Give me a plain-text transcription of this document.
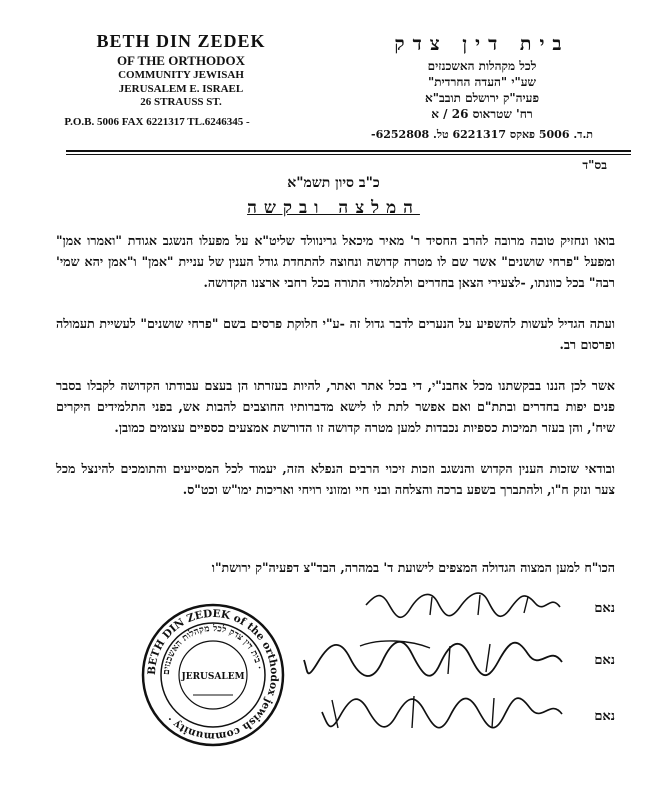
BETH DIN ZEDEK
OF THE ORTHODOX
COMMUNITY JEWISAH
JERUSALEM E. ISRAEL
26 STRAUSS ST.
P.O.B. 5006 FAX 6221317 TL.6246345 -
בית דין צדק
לכל מקהלות האשכנזים
שע"י "העדה החרדית"
פעיה"ק ירושלם תובב"א
רח' שטראוס 26 / א
ת.ד. 5006 פאקס 6221317 טל. 6252808-
בס"ד
כ"ב סיון תשמ"א
המלצה ובקשה

בואו ונחזיק טובה מרובה להרב החסיד ר' מאיר מיכאל גרינוולד שליט"א על מפעלו הנשגב אגודת "ואמרו אמן" ומפעל "פרחי שושנים" אשר שם לו מטרה קדושה ונחוצה להתחדת גודל הענין של עניית "אמן" ו"אמן יהא שמי' רבה" בכל כוונתו, -לצעירי הצאן בחדרים ולתלמודי התורה בכל רחבי ארצנו הקדושה.

ועתה הגדיל לעשות להשפיע על הנערים לדבר גדול זה -ע"י חלוקת פרסים בשם "פרחי שושנים" לעשיית תעמולה ופרסום רב.

אשר לכן הננו בבקשתנו מכל אחבנ"י, די בכל אתר ואתר, להיות בעזרתו הן בעצם עבודתו הקדושה לקבלו בסבר פנים יפות בחדרים ובתת"ם ואם אפשר לתת לו לישא מדברותיו החוצבים להבות אש, בפני התלמידים היקרים שיח', והן בעזר תמיכות כספיות נכבדות למען מטרה קדושה זו הדורשת אמצעים כספיים עצומים כמובן.

ובודאי שזכות הענין הקדוש והנשגב וזכות זיכוי הרבים הנפלא הזה, יעמוד לכל המסייעים והתומכים להינצל מכל צער ונזק ח"ו, ולהתברך בשפע ברכה והצלחה ובני חיי ומזוני רויחי ואריכות ימו"ש וכט"ס.

הכו"ח למען המצוה הגדולה המצפים לישועת ד' במהרה, הבד"צ דפעיה"ק ירושת"ו
נאם
נאם
נאם
BETH DIN ZEDEK of the orthodox jewish community ·
בית דין צדק לכל מקהלות האשכנזים ·
JERUSALEM
